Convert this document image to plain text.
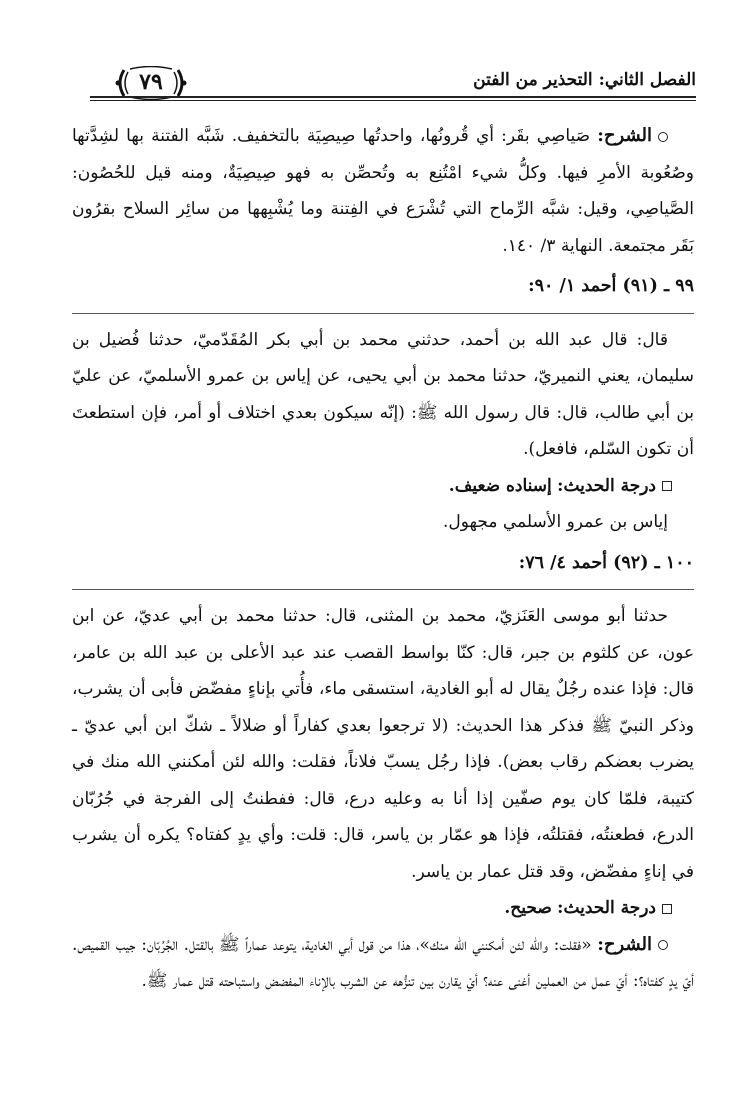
الفصل الثاني: التحذير من الفتن
٧٩

الشرح: صَياصِي بقَر: أي قُرونُها، واحدتُها صِيصِيَة بالتخفيف. شَبَّه الفتنة بها لشِدَّتها وصُعُوبة الأمرِ فيها. وكلُّ شيء امْتُنِع به وتُحصِّن به فهو صِيصِيَةٌ، ومنه قيل للحُصُون: الصَّياصِي، وقيل: شبَّه الرِّماح التي تُشْرَع في الفِتنة وما يُشْبِهها من سائِر السلاح بقرُون بَقَر مجتمعة. النهاية ٣/ ١٤٠.

٩٩ ـ (٩١) أحمد ١/ ٩٠:

قال: قال عبد الله بن أحمد، حدثني محمد بن أبي بكر المُقَدّميّ، حدثنا فُضيل بن سليمان، يعني النميريّ، حدثنا محمد بن أبي يحيى، عن إياس بن عمرو الأسلميّ، عن عليّ بن أبي طالب، قال: قال رسول الله ﷺ: (إنّه سيكون بعدي اختلاف أو أمر، فإن استطعتَ أن تكون السّلم، فافعل).

درجة الحديث: إسناده ضعيف.

إياس بن عمرو الأسلمي مجهول.

١٠٠ ـ (٩٢) أحمد ٤/ ٧٦:

حدثنا أبو موسى العَنَزيّ، محمد بن المثنى، قال: حدثنا محمد بن أبي عديّ، عن ابن عون، عن كلثوم بن جبر، قال: كنّا بواسط القصب عند عبد الأعلى بن عبد الله بن عامر، قال: فإذا عنده رجُلٌ يقال له أبو الغادية، استسقى ماء، فأُتي بإناءٍ مفضّض فأبى أن يشرب، وذكر النبيّ ﷺ فذكر هذا الحديث: (لا ترجعوا بعدي كفاراً أو ضلالاً ـ شكّ ابن أبي عديّ ـ يضرب بعضكم رقاب بعض). فإذا رجُل يسبّ فلاناً، فقلت: والله لئن أمكنني الله منك في كتيبة، فلمّا كان يوم صفّين إذا أنا به وعليه درع، قال: ففطنتُ إلى الفرجة في جُرُبّان الدرع، فطعنتُه، فقتلتُه، فإذا هو عمّار بن ياسر، قال: قلت: وأي يدٍ كفتاه؟ يكره أن يشرب في إناءٍ مفضّض، وقد قتل عمار بن ياسر.

درجة الحديث: صحيح.

الشرح: «فقلت: والله لئن أمكنني الله منك»، هذا من قول أبي الغادية، يتوعد عماراً ﷺ بالقتل. الجُرُبّان: جيب القميص. أيّ يدٍ كفتاه؟: أيّ عمل من العملين أغنى عنه؟ أيْ يقارن بين تنزُّهه عن الشرب بالإناء المفضض واستباحته قتل عمار ﷺ.
